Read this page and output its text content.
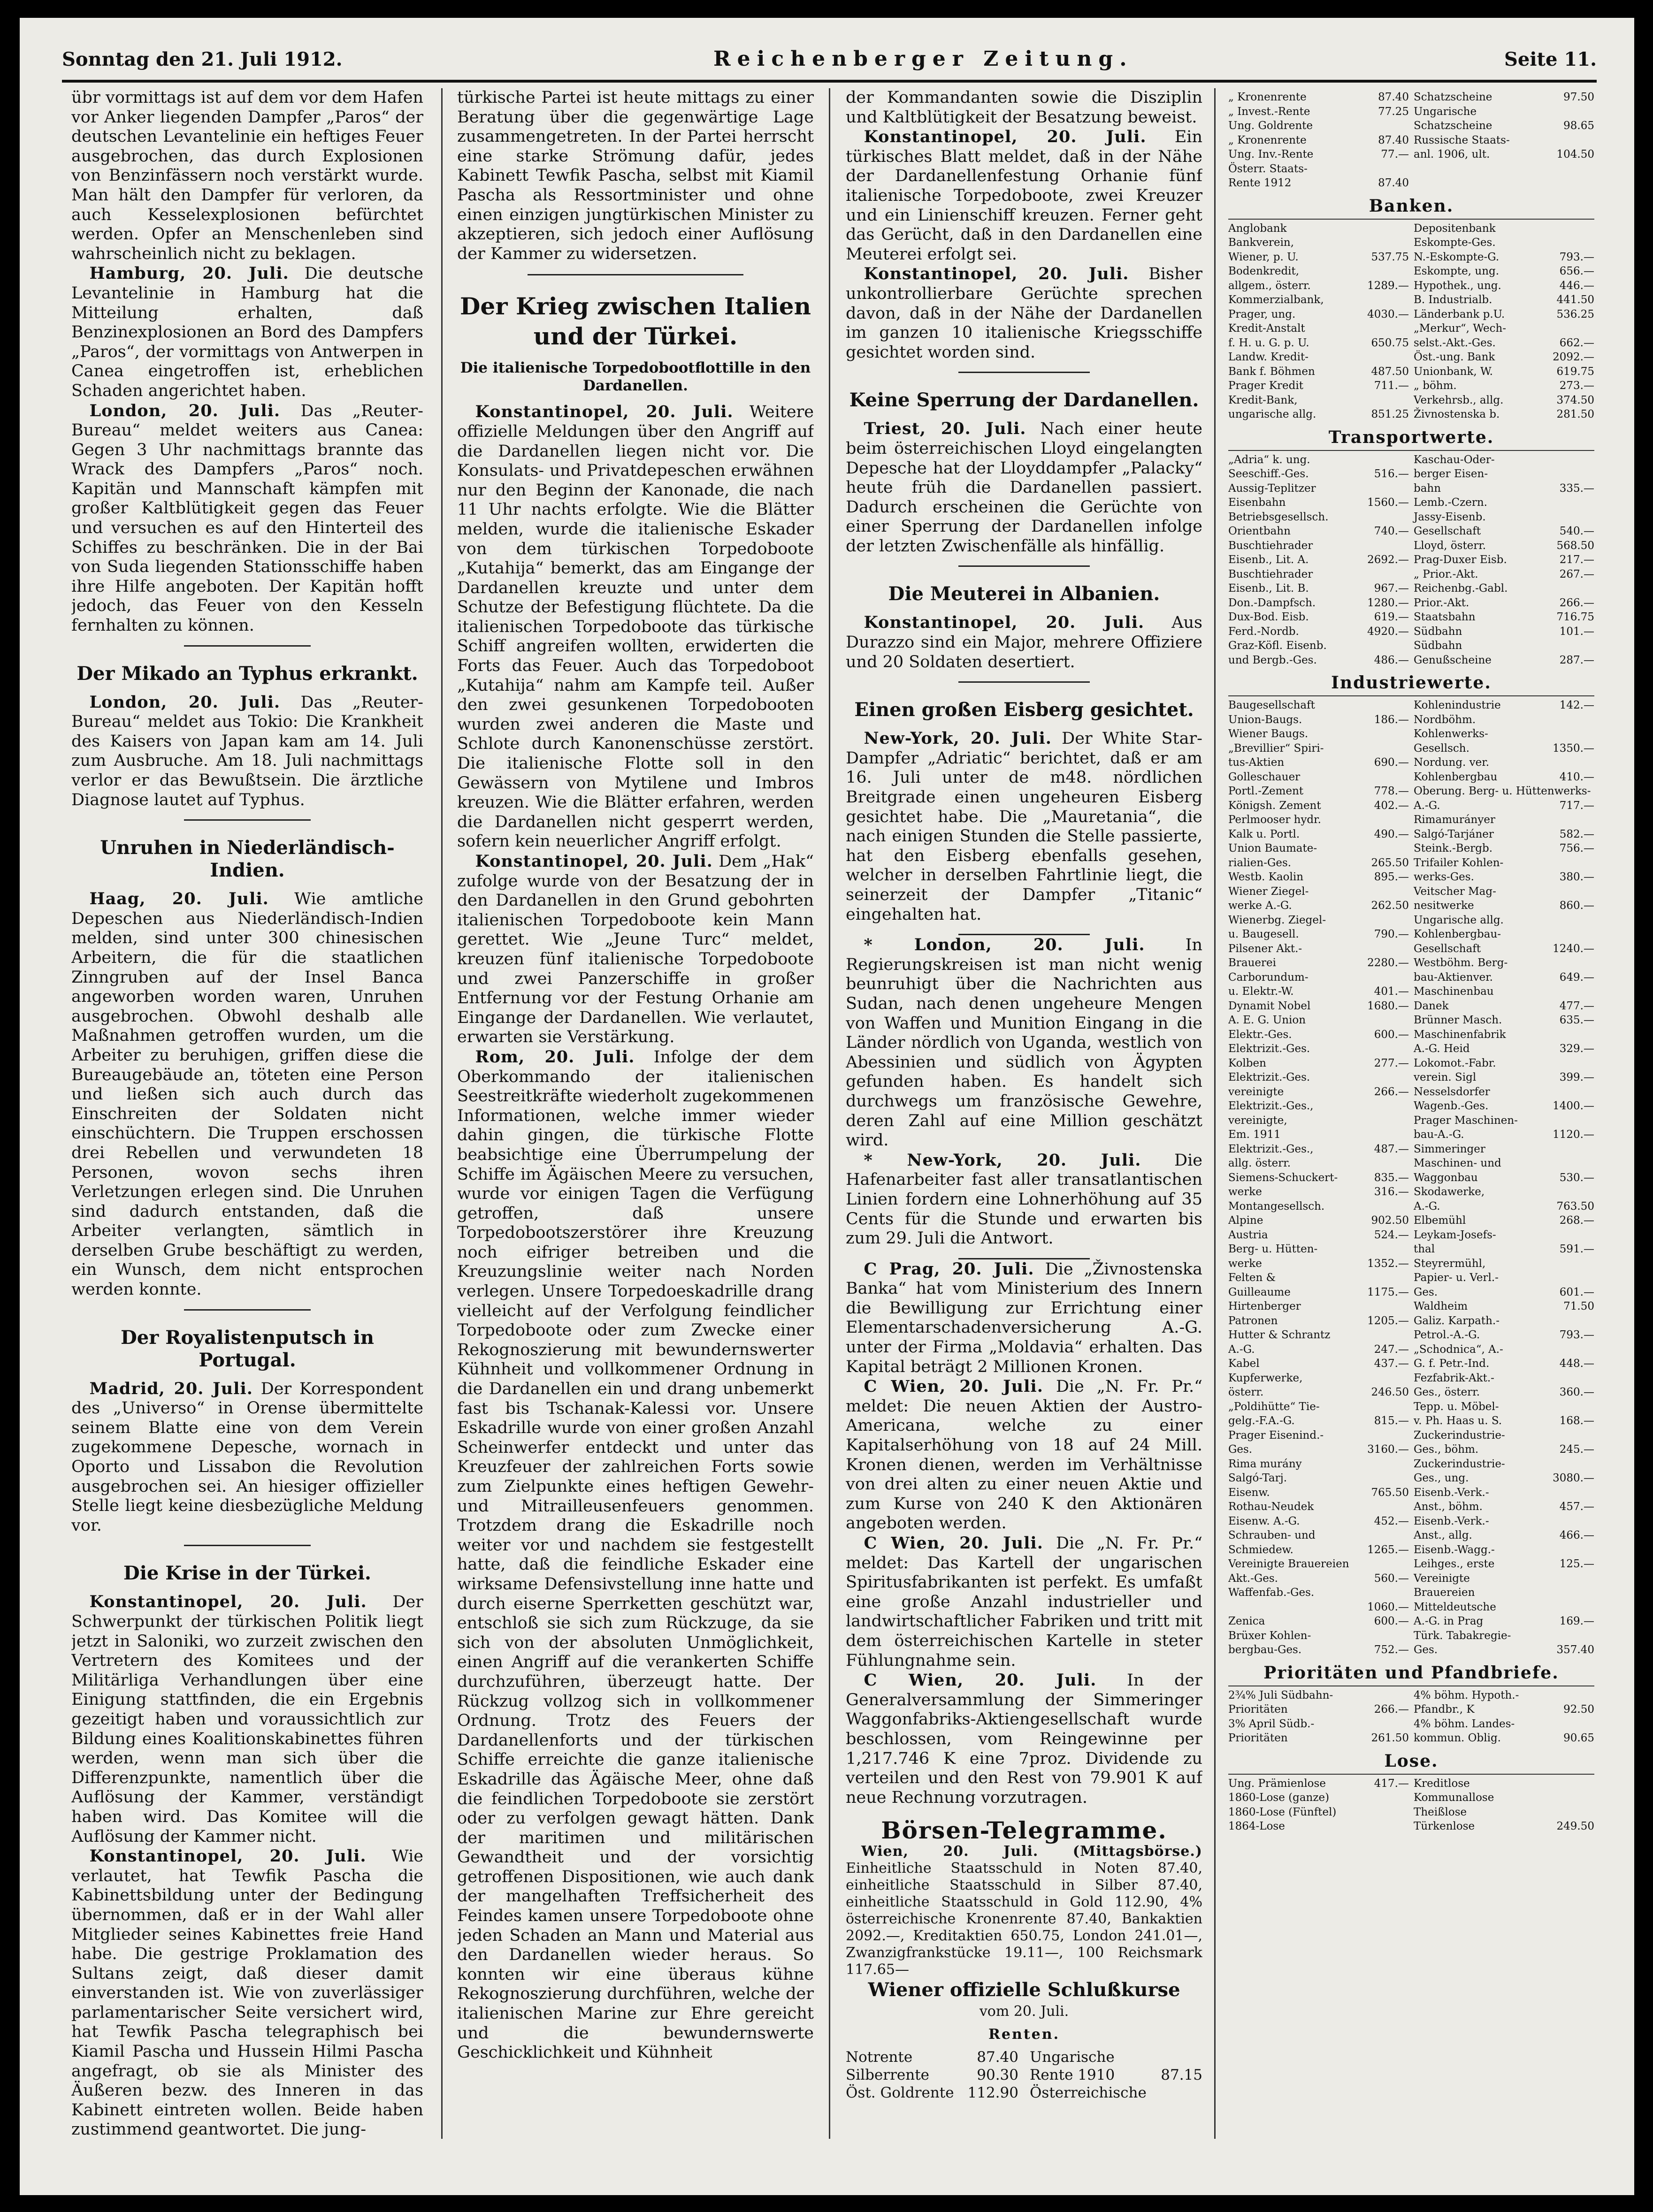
Sonntag den 21. Juli 1912.	Reichenberger Zeitung.	Seite 11.

übr vormittags ist auf dem vor dem Hafen vor Anker liegenden Dampfer „Paros“ der deutschen Levantelinie ein heftiges Feuer ausgebrochen, das durch Explosionen von Benzinfässern noch verstärkt wurde. Man hält den Dampfer für verloren, da auch Kesselexplosionen befürchtet werden. Opfer an Menschenleben sind wahrscheinlich nicht zu beklagen.

Hamburg, 20. Juli. Die deutsche Levantelinie in Hamburg hat die Mitteilung erhalten, daß Benzinexplosionen an Bord des Dampfers „Paros“, der vormittags von Antwerpen in Canea eingetroffen ist, erheblichen Schaden angerichtet haben.

London, 20. Juli. Das „Reuter-Bureau“ meldet weiters aus Canea: Gegen 3 Uhr nachmittags brannte das Wrack des Dampfers „Paros“ noch. Kapitän und Mannschaft kämpfen mit großer Kaltblütigkeit gegen das Feuer und versuchen es auf den Hinterteil des Schiffes zu beschränken. Die in der Bai von Suda liegenden Stationsschiffe haben ihre Hilfe angeboten. Der Kapitän hofft jedoch, das Feuer von den Kesseln fernhalten zu können.

Der Mikado an Typhus erkrankt.

London, 20. Juli. Das „Reuter-Bureau“ meldet aus Tokio: Die Krankheit des Kaisers von Japan kam am 14. Juli zum Ausbruche. Am 18. Juli nachmittags verlor er das Bewußtsein. Die ärztliche Diagnose lautet auf Typhus.

Unruhen in Niederländisch-Indien.

Haag, 20. Juli. Wie amtliche Depeschen aus Niederländisch-Indien melden, sind unter 300 chinesischen Arbeitern, die für die staatlichen Zinngruben auf der Insel Banca angeworben worden waren, Unruhen ausgebrochen. Obwohl deshalb alle Maßnahmen getroffen wurden, um die Arbeiter zu beruhigen, griffen diese die Bureaugebäude an, töteten eine Person und ließen sich auch durch das Einschreiten der Soldaten nicht einschüchtern. Die Truppen erschossen drei Rebellen und verwundeten 18 Personen, wovon sechs ihren Verletzungen erlegen sind. Die Unruhen sind dadurch entstanden, daß die Arbeiter verlangten, sämtlich in derselben Grube beschäftigt zu werden, ein Wunsch, dem nicht entsprochen werden konnte.

Der Royalistenputsch in Portugal.

Madrid, 20. Juli. Der Korrespondent des „Universo“ in Orense übermittelte seinem Blatte eine von dem Verein zugekommene Depesche, wornach in Oporto und Lissabon die Revolution ausgebrochen sei. An hiesiger offizieller Stelle liegt keine diesbezügliche Meldung vor.

Die Krise in der Türkei.

Konstantinopel, 20. Juli. Der Schwerpunkt der türkischen Politik liegt jetzt in Saloniki, wo zurzeit zwischen den Vertretern des Komitees und der Militärliga Verhandlungen über eine Einigung stattfinden, die ein Ergebnis gezeitigt haben und voraussichtlich zur Bildung eines Koalitionskabinettes führen werden, wenn man sich über die Differenzpunkte, namentlich über die Auflösung der Kammer, verständigt haben wird. Das Komitee will die Auflösung der Kammer nicht.

Konstantinopel, 20. Juli. Wie verlautet, hat Tewfik Pascha die Kabinettsbildung unter der Bedingung übernommen, daß er in der Wahl aller Mitglieder seines Kabinettes freie Hand habe. Die gestrige Proklamation des Sultans zeigt, daß dieser damit einverstanden ist. Wie von zuverlässiger parlamentarischer Seite versichert wird, hat Tewfik Pascha telegraphisch bei Kiamil Pascha und Hussein Hilmi Pascha angefragt, ob sie als Minister des Äußeren bezw. des Inneren in das Kabinett eintreten wollen. Beide haben zustimmend geantwortet. Die jung-

türkische Partei ist heute mittags zu einer Beratung über die gegenwärtige Lage zusammengetreten. In der Partei herrscht eine starke Strömung dafür, jedes Kabinett Tewfik Pascha, selbst mit Kiamil Pascha als Ressortminister und ohne einen einzigen jungtürkischen Minister zu akzeptieren, sich jedoch einer Auflösung der Kammer zu widersetzen.

Der Krieg zwischen Italien und der Türkei.
Die italienische Torpedobootflottille in den Dardanellen.

Konstantinopel, 20. Juli. Weitere offizielle Meldungen über den Angriff auf die Dardanellen liegen nicht vor. Die Konsulats- und Privatdepeschen erwähnen nur den Beginn der Kanonade, die nach 11 Uhr nachts erfolgte. Wie die Blätter melden, wurde die italienische Eskader von dem türkischen Torpedoboote „Kutahija“ bemerkt, das am Eingange der Dardanellen kreuzte und unter dem Schutze der Befestigung flüchtete. Da die italienischen Torpedoboote das türkische Schiff angreifen wollten, erwiderten die Forts das Feuer. Auch das Torpedoboot „Kutahija“ nahm am Kampfe teil. Außer den zwei gesunkenen Torpedobooten wurden zwei anderen die Maste und Schlote durch Kanonenschüsse zerstört. Die italienische Flotte soll in den Gewässern von Mytilene und Imbros kreuzen. Wie die Blätter erfahren, werden die Dardanellen nicht gesperrt werden, sofern kein neuerlicher Angriff erfolgt.

Konstantinopel, 20. Juli. Dem „Hak“ zufolge wurde von der Besatzung der in den Dardanellen in den Grund gebohrten italienischen Torpedoboote kein Mann gerettet. Wie „Jeune Turc“ meldet, kreuzen fünf italienische Torpedoboote und zwei Panzerschiffe in großer Entfernung vor der Festung Orhanie am Eingange der Dardanellen. Wie verlautet, erwarten sie Verstärkung.

Rom, 20. Juli. Infolge der dem Oberkommando der italienischen Seestreitkräfte wiederholt zugekommenen Informationen, welche immer wieder dahin gingen, die türkische Flotte beabsichtige eine Überrumpelung der Schiffe im Ägäischen Meere zu versuchen, wurde vor einigen Tagen die Verfügung getroffen, daß unsere Torpedobootszerstörer ihre Kreuzung noch eifriger betreiben und die Kreuzungslinie weiter nach Norden verlegen. Unsere Torpedoeskadrille drang vielleicht auf der Verfolgung feindlicher Torpedoboote oder zum Zwecke einer Rekognoszierung mit bewundernswerter Kühnheit und vollkommener Ordnung in die Dardanellen ein und drang unbemerkt fast bis Tschanak-Kalessi vor. Unsere Eskadrille wurde von einer großen Anzahl Scheinwerfer entdeckt und unter das Kreuzfeuer der zahlreichen Forts sowie zum Zielpunkte eines heftigen Gewehr- und Mitrailleusenfeuers genommen. Trotzdem drang die Eskadrille noch weiter vor und nachdem sie festgestellt hatte, daß die feindliche Eskader eine wirksame Defensivstellung inne hatte und durch eiserne Sperrketten geschützt war, entschloß sie sich zum Rückzuge, da sie sich von der absoluten Unmöglichkeit, einen Angriff auf die verankerten Schiffe durchzuführen, überzeugt hatte. Der Rückzug vollzog sich in vollkommener Ordnung. Trotz des Feuers der Dardanellenforts und der türkischen Schiffe erreichte die ganze italienische Eskadrille das Ägäische Meer, ohne daß die feindlichen Torpedoboote sie zerstört oder zu verfolgen gewagt hätten. Dank der maritimen und militärischen Gewandtheit und der vorsichtig getroffenen Dispositionen, wie auch dank der mangelhaften Treffsicherheit des Feindes kamen unsere Torpedoboote ohne jeden Schaden an Mann und Material aus den Dardanellen wieder heraus. So konnten wir eine überaus kühne Rekognoszierung durchführen, welche der italienischen Marine zur Ehre gereicht und die bewundernswerte Geschicklichkeit und Kühnheit

der Kommandanten sowie die Disziplin und Kaltblütigkeit der Besatzung beweist.

Konstantinopel, 20. Juli. Ein türkisches Blatt meldet, daß in der Nähe der Dardanellenfestung Orhanie fünf italienische Torpedoboote, zwei Kreuzer und ein Linienschiff kreuzen. Ferner geht das Gerücht, daß in den Dardanellen eine Meuterei erfolgt sei.

Konstantinopel, 20. Juli. Bisher unkontrollierbare Gerüchte sprechen davon, daß in der Nähe der Dardanellen im ganzen 10 italienische Kriegsschiffe gesichtet worden sind.

Keine Sperrung der Dardanellen.

Triest, 20. Juli. Nach einer heute beim österreichischen Lloyd eingelangten Depesche hat der Lloyddampfer „Palacky“ heute früh die Dardanellen passiert. Dadurch erscheinen die Gerüchte von einer Sperrung der Dardanellen infolge der letzten Zwischenfälle als hinfällig.

Die Meuterei in Albanien.

Konstantinopel, 20. Juli. Aus Durazzo sind ein Major, mehrere Offiziere und 20 Soldaten desertiert.

Einen großen Eisberg gesichtet.

New-York, 20. Juli. Der White Star-Dampfer „Adriatic“ berichtet, daß er am 16. Juli unter de m48. nördlichen Breitgrade einen ungeheuren Eisberg gesichtet habe. Die „Mauretania“, die nach einigen Stunden die Stelle passierte, hat den Eisberg ebenfalls gesehen, welcher in derselben Fahrtlinie liegt, die seinerzeit der Dampfer „Titanic“ eingehalten hat.

* London, 20. Juli. In Regierungskreisen ist man nicht wenig beunruhigt über die Nachrichten aus Sudan, nach denen ungeheure Mengen von Waffen und Munition Eingang in die Länder nördlich von Uganda, westlich von Abessinien und südlich von Ägypten gefunden haben. Es handelt sich durchwegs um französische Gewehre, deren Zahl auf eine Million geschätzt wird.

* New-York, 20. Juli. Die Hafenarbeiter fast aller transatlantischen Linien fordern eine Lohnerhöhung auf 35 Cents für die Stunde und erwarten bis zum 29. Juli die Antwort.

C Prag, 20. Juli. Die „Živnostenska Banka“ hat vom Ministerium des Innern die Bewilligung zur Errichtung einer Elementarschadenversicherung A.-G. unter der Firma „Moldavia“ erhalten. Das Kapital beträgt 2 Millionen Kronen.

C Wien, 20. Juli. Die „N. Fr. Pr.“ meldet: Die neuen Aktien der Austro-Americana, welche zu einer Kapitalserhöhung von 18 auf 24 Mill. Kronen dienen, werden im Verhältnisse von drei alten zu einer neuen Aktie und zum Kurse von 240 K den Aktionären angeboten werden.

C Wien, 20. Juli. Die „N. Fr. Pr.“ meldet: Das Kartell der ungarischen Spiritusfabrikanten ist perfekt. Es umfaßt eine große Anzahl industrieller und landwirtschaftlicher Fabriken und tritt mit dem österreichischen Kartelle in steter Fühlungnahme sein.

C Wien, 20. Juli. In der Generalversammlung der Simmeringer Waggonfabriks-Aktiengesellschaft wurde beschlossen, vom Reingewinne per 1,217.746 K eine 7proz. Dividende zu verteilen und den Rest von 79.901 K auf neue Rechnung vorzutragen.

Börsen-Telegramme.

Wien, 20. Juli. (Mittagsbörse.) Einheitliche Staatsschuld in Noten 87.40, einheitliche Staatsschuld in Silber 87.40, einheitliche Staatsschuld in Gold 112.90, 4% österreichische Kronenrente 87.40, Bankaktien 2092.—, Kreditaktien 650.75, London 241.01—, Zwanzigfrankstücke 19.11—, 100 Reichsmark 117.65—

Wiener offizielle Schlußkurse
vom 20. Juli.
Renten.
Notrente	87.40 Ungarische
Silberrente	90.30 Rente 1910	87.15
Öst. Goldrente 112.90 Österreichische
„ Kronenrente	87.40 Schatzscheine	97.50
„ Invest.-Rente	77.25 Ungarische
Ung. Goldrente	Schatzscheine	98.65
„ Kronenrente	87.40 Russische Staats-
Ung. Inv.-Rente	77.— anl. 1906, ult.	104.50
Österr. Staats-
Rente 1912	87.40
Banken.
Anglobank	Depositenbank
Bankverein,	Eskompte-Ges.
Wiener, p. U.	537.75 N.-Eskompte-G.	793.—
Bodenkredit,	Eskompte, ung.	656.—
allgem., österr.	1289.— Hypothek., ung.	446.—
Kommerzialbank,	B. Industrialb.	441.50
Prager, ung.	4030.— Länderbank p.U.	536.25
Kredit-Anstalt	„Merkur“, Wech-
f. H. u. G. p. U.	650.75 selst.-Akt.-Ges.	662.—
Landw. Kredit-	Öst.-ung. Bank	2092.—
Bank f. Böhmen	487.50 Unionbank, W.	619.75
Prager Kredit	711.— „ böhm.	273.—
Kredit-Bank,	Verkehrsb., allg.	374.50
ungarische allg.	851.25 Živnostenska b.	281.50
Transportwerte.
„Adria“ k. ung.	Kaschau-Oder-
Seeschiff.-Ges.	516.— berger Eisen-
Aussig-Teplitzer	bahn	335.—
Eisenbahn	1560.— Lemb.-Czern.
Betriebsgesellsch.	Jassy-Eisenb.
Orientbahn	740.— Gesellschaft	540.—
Buschtiehrader	Lloyd, österr.	568.50
Eisenb., Lit. A.	2692.— Prag-Duxer Eisb.	217.—
Buschtiehrader	„ Prior.-Akt.	267.—
Eisenb., Lit. B.	967.— Reichenbg.-Gabl.
Don.-Dampfsch.	1280.— Prior.-Akt.	266.—
Dux-Bod. Eisb.	619.— Staatsbahn	716.75
Ferd.-Nordb.	4920.— Südbahn	101.—
Graz-Köfl. Eisenb.	Südbahn
und Bergb.-Ges.	486.— Genußscheine	287.—
Industriewerte.
Baugesellschaft	Kohlenindustrie	142.—
Union-Baugs.	186.— Nordböhm.
Wiener Baugs.	Kohlenwerks-
„Brevillier“ Spiri-	Gesellsch.	1350.—
tus-Aktien	690.— Nordung. ver.
Golleschauer	Kohlenbergbau	410.—
Portl.-Zement	778.— Oberung. Berg- u. Hüttenwerks-
Königsh. Zement	402.— A.-G.	717.—
Perlmooser hydr.	Rimamurányer
Kalk u. Portl.	490.— Salgó-Tarjáner	582.—
Union Baumate-	Steink.-Bergb.	756.—
rialien-Ges.	265.50 Trifailer Kohlen-
Westb. Kaolin	895.— werks-Ges.	380.—
Wiener Ziegel-	Veitscher Mag-
werke A.-G.	262.50 nesitwerke	860.—
Wienerbg. Ziegel-	Ungarische allg.
u. Baugesell.	790.— Kohlenbergbau-
Pilsener Akt.-	Gesellschaft	1240.—
Brauerei	2280.— Westböhm. Berg-
Carborundum-	bau-Aktienver.	649.—
u. Elektr.-W.	401.— Maschinenbau
Dynamit Nobel	1680.— Danek	477.—
A. E. G. Union	Brünner Masch.	635.—
Elektr.-Ges.	600.— Maschinenfabrik
Elektrizit.-Ges.	A.-G. Heid	329.—
Kolben	277.— Lokomot.-Fabr.
Elektrizit.-Ges.	verein. Sigl	399.—
vereinigte	266.— Nesselsdorfer
Elektrizit.-Ges.,	Wagenb.-Ges.	1400.—
vereinigte,	Prager Maschinen-
Em. 1911	bau-A.-G.	1120.—
Elektrizit.-Ges.,	487.— Simmeringer
allg. österr.	Maschinen- und
Siemens-Schuckert-	835.— Waggonbau	530.—
werke	316.— Skodawerke,
Montangesellsch.	A.-G.	763.50
Alpine	902.50 Elbemühl	268.—
Austria	524.— Leykam-Josefs-
Berg- u. Hütten-	thal	591.—
werke	1352.— Steyrermühl,
Felten &	Papier- u. Verl.-
Guilleaume	1175.— Ges.	601.—
Hirtenberger	Waldheim	71.50
Patronen	1205.— Galiz. Karpath.-
Hutter & Schrantz	Petrol.-A.-G.	793.—
A.-G.	247.— „Schodnica“, A.-
Kabel	437.— G. f. Petr.-Ind.	448.—
Kupferwerke,	Fezfabrik-Akt.-
österr.	246.50 Ges., österr.	360.—
„Poldihütte“ Tie-	Tepp. u. Möbel-
gelg.-F.A.-G.	815.— v. Ph. Haas u. S.	168.—
Prager Eisenind.-	Zuckerindustrie-
Ges.	3160.— Ges., böhm.	245.—
Rima murány	Zuckerindustrie-
Salgó-Tarj.	Ges., ung.	3080.—
Eisenw.	765.50 Eisenb.-Verk.-
Rothau-Neudek	Anst., böhm.	457.—
Eisenw. A.-G.	452.— Eisenb.-Verk.-
Schrauben- und	Anst., allg.	466.—
Schmiedew.	1265.— Eisenb.-Wagg.-
Vereinigte Brauereien	Leihges., erste	125.—
Akt.-Ges.	560.— Vereinigte
Waffenfab.-Ges.	Brauereien
1060.— Mitteldeutsche
Zenica	600.— A.-G. in Prag	169.—
Brüxer Kohlen-	Türk. Tabakregie-
bergbau-Ges.	752.— Ges.	357.40
Prioritäten und Pfandbriefe.
2¾% Juli Südbahn-	4% böhm. Hypoth.-
Prioritäten	266.— Pfandbr., K	92.50
3% April Südb.-	4% böhm. Landes-
Prioritäten	261.50 kommun. Oblig.	90.65
Lose.
Ung. Prämienlose	417.— Kreditlose
1860-Lose (ganze)	Kommunallose
1860-Lose (Fünftel)	Theißlose
1864-Lose	Türkenlose	249.50
